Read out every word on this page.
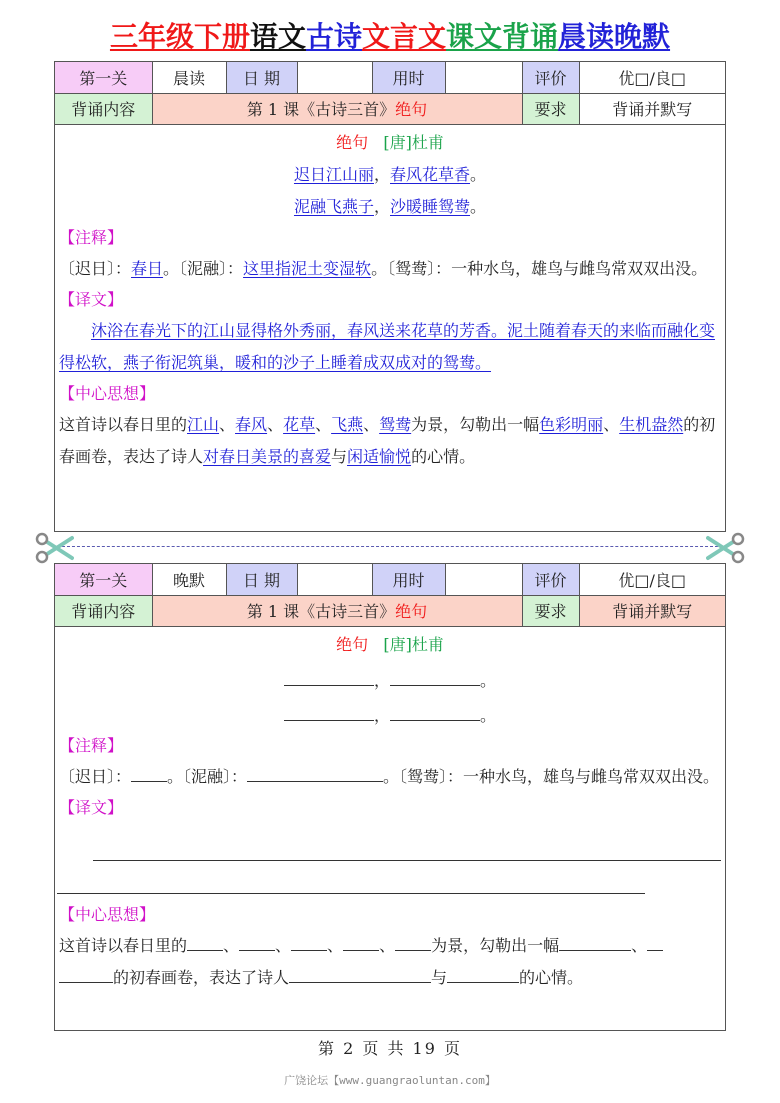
三年级下册语文古诗文言文课文背诵晨读晚默
第一关	晨读	日 期		用时		评价	优□/良□
背诵内容	第 1 课《古诗三首》绝句					要求	背诵并默写
绝句 [唐]杜甫
迟日江山丽，春风花草香。
泥融飞燕子，沙暖睡鸳鸯。
【注释】
〔迟日〕：春日。〔泥融〕：这里指泥土变湿软。〔鸳鸯〕：一种水鸟，雄鸟与雌鸟常双双出没。
【译文】
沐浴在春光下的江山显得格外秀丽，春风送来花草的芳香。泥土随着春天的来临而融化变得松软，燕子衔泥筑巢，暖和的沙子上睡着成双成对的鸳鸯。
【中心思想】
这首诗以春日里的江山、春风、花草、飞燕、鸳鸯为景，勾勒出一幅色彩明丽、生机盎然的初春画卷，表达了诗人对春日美景的喜爱与闲适愉悦的心情。
第一关	晚默	日 期		用时		评价	优□/良□
背诵内容	第 1 课《古诗三首》绝句					要求	背诵并默写
绝句 [唐]杜甫
，	。
，	。
【注释】
〔迟日〕： 。〔泥融〕：	。〔鸳鸯〕：一种水鸟，雄鸟与雌鸟常双双出没。
【译文】
【中心思想】
这首诗以春日里的 、 、 、 、 为景，勾勒出一幅	、
的初春画卷，表达了诗人	与	的心情。
第 2 页 共 19 页
广饶论坛【www.guangraoluntan.com】
